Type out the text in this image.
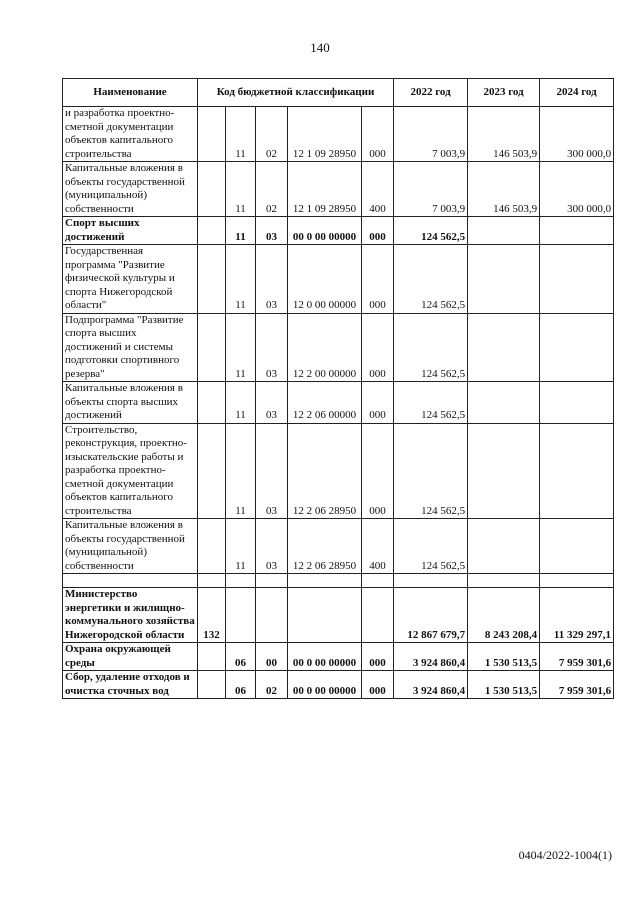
140
Наименование	Код бюджетной классификации					2022 год	2023 год	2024 год
и разработка проектно-сметной документации объектов капитального строительства		11	02	12 1 09 28950	000	7 003,9	146 503,9	300 000,0
Капитальные вложения в объекты государственной (муниципальной) собственности		11	02	12 1 09 28950	400	7 003,9	146 503,9	300 000,0
Спорт высших достижений		11	03	00 0 00 00000	000	124 562,5		
Государственная программа "Развитие физической культуры и спорта Нижегородской области"		11	03	12 0 00 00000	000	124 562,5		
Подпрограмма "Развитие спорта высших достижений и системы подготовки спортивного резерва"		11	03	12 2 00 00000	000	124 562,5		
Капитальные вложения в объекты спорта высших достижений		11	03	12 2 06 00000	000	124 562,5		
Строительство, реконструкция, проектно-изыскательские работы и разработка проектно-сметной документации объектов капитального строительства		11	03	12 2 06 28950	000	124 562,5		
Капитальные вложения в объекты государственной (муниципальной) собственности		11	03	12 2 06 28950	400	124 562,5		

Министерство энергетики и жилищно-коммунального хозяйства Нижегородской области	132					12 867 679,7	8 243 208,4	11 329 297,1
Охрана окружающей среды		06	00	00 0 00 00000	000	3 924 860,4	1 530 513,5	7 959 301,6
Сбор, удаление отходов и очистка сточных вод		06	02	00 0 00 00000	000	3 924 860,4	1 530 513,5	7 959 301,6
0404/2022-1004(1)
